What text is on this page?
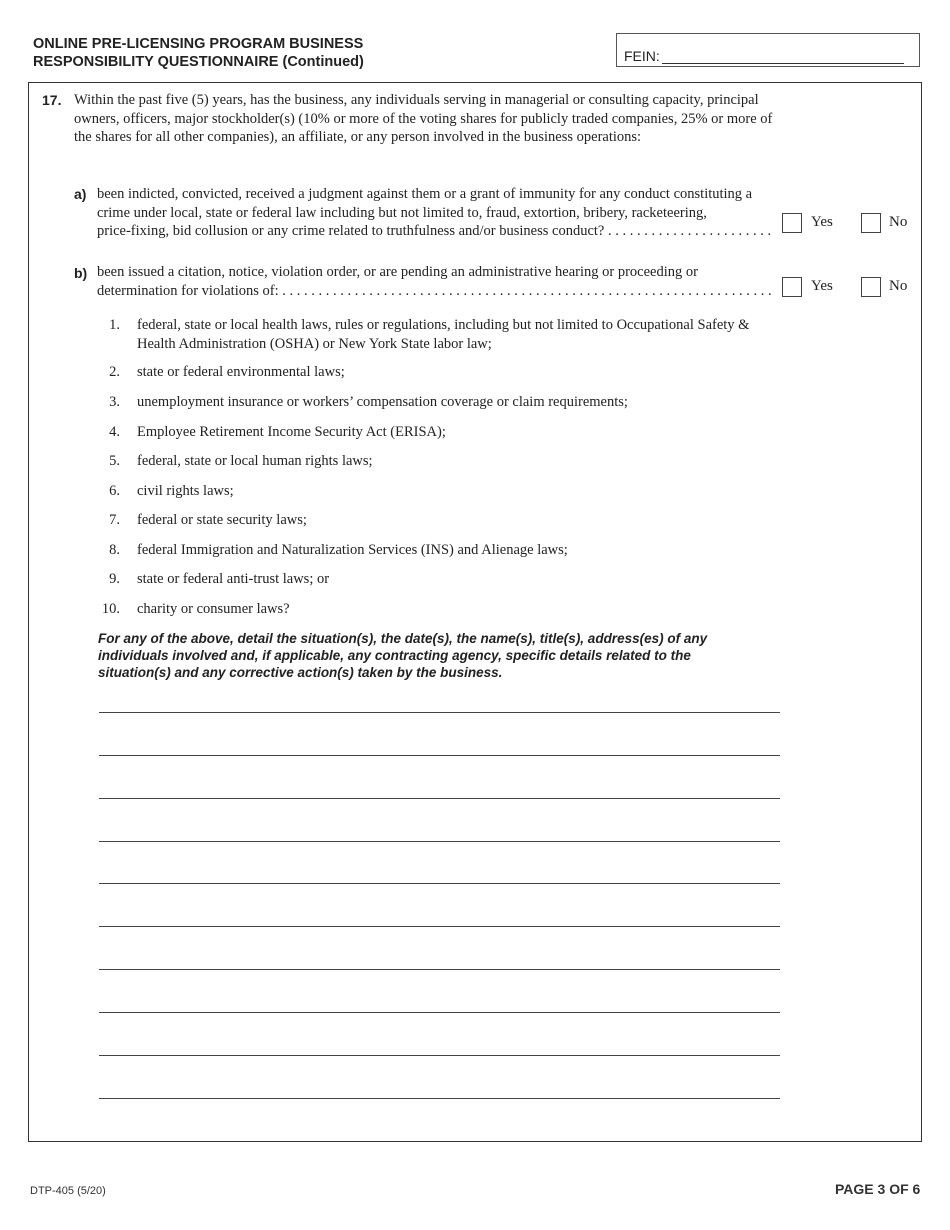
ONLINE PRE-LICENSING PROGRAM BUSINESS
RESPONSIBILITY QUESTIONNAIRE (Continued)	FEIN:
17. Within the past five (5) years, has the business, any individuals serving in managerial or consulting capacity, principal owners, officers, major stockholder(s) (10% or more of the voting shares for publicly traded companies, 25% or more of the shares for all other companies), an affiliate, or any person involved in the business operations:
a) been indicted, convicted, received a judgment against them or a grant of immunity for any conduct constituting a crime under local, state or federal law including but not limited to, fraud, extortion, bribery, racketeering,
price-fixing, bid collusion or any crime related to truthfulness and/or business conduct? . . .
Yes	No
b) been issued a citation, notice, violation order, or are pending an administrative hearing or proceeding or
determination for violations of: . . .	Yes	No
1. federal, state or local health laws, rules or regulations, including but not limited to Occupational Safety & Health Administration (OSHA) or New York State labor law;
2. state or federal environmental laws;
3. unemployment insurance or workers’ compensation coverage or claim requirements;
4. Employee Retirement Income Security Act (ERISA);
5. federal, state or local human rights laws;
6. civil rights laws;
7. federal or state security laws;
8. federal Immigration and Naturalization Services (INS) and Alienage laws;
9. state or federal anti-trust laws; or
10. charity or consumer laws?
For any of the above, detail the situation(s), the date(s), the name(s), title(s), address(es) of any individuals involved and, if applicable, any contracting agency, specific details related to the situation(s) and any corrective action(s) taken by the business.
DTP-405 (5/20)	PAGE 3 OF 6
